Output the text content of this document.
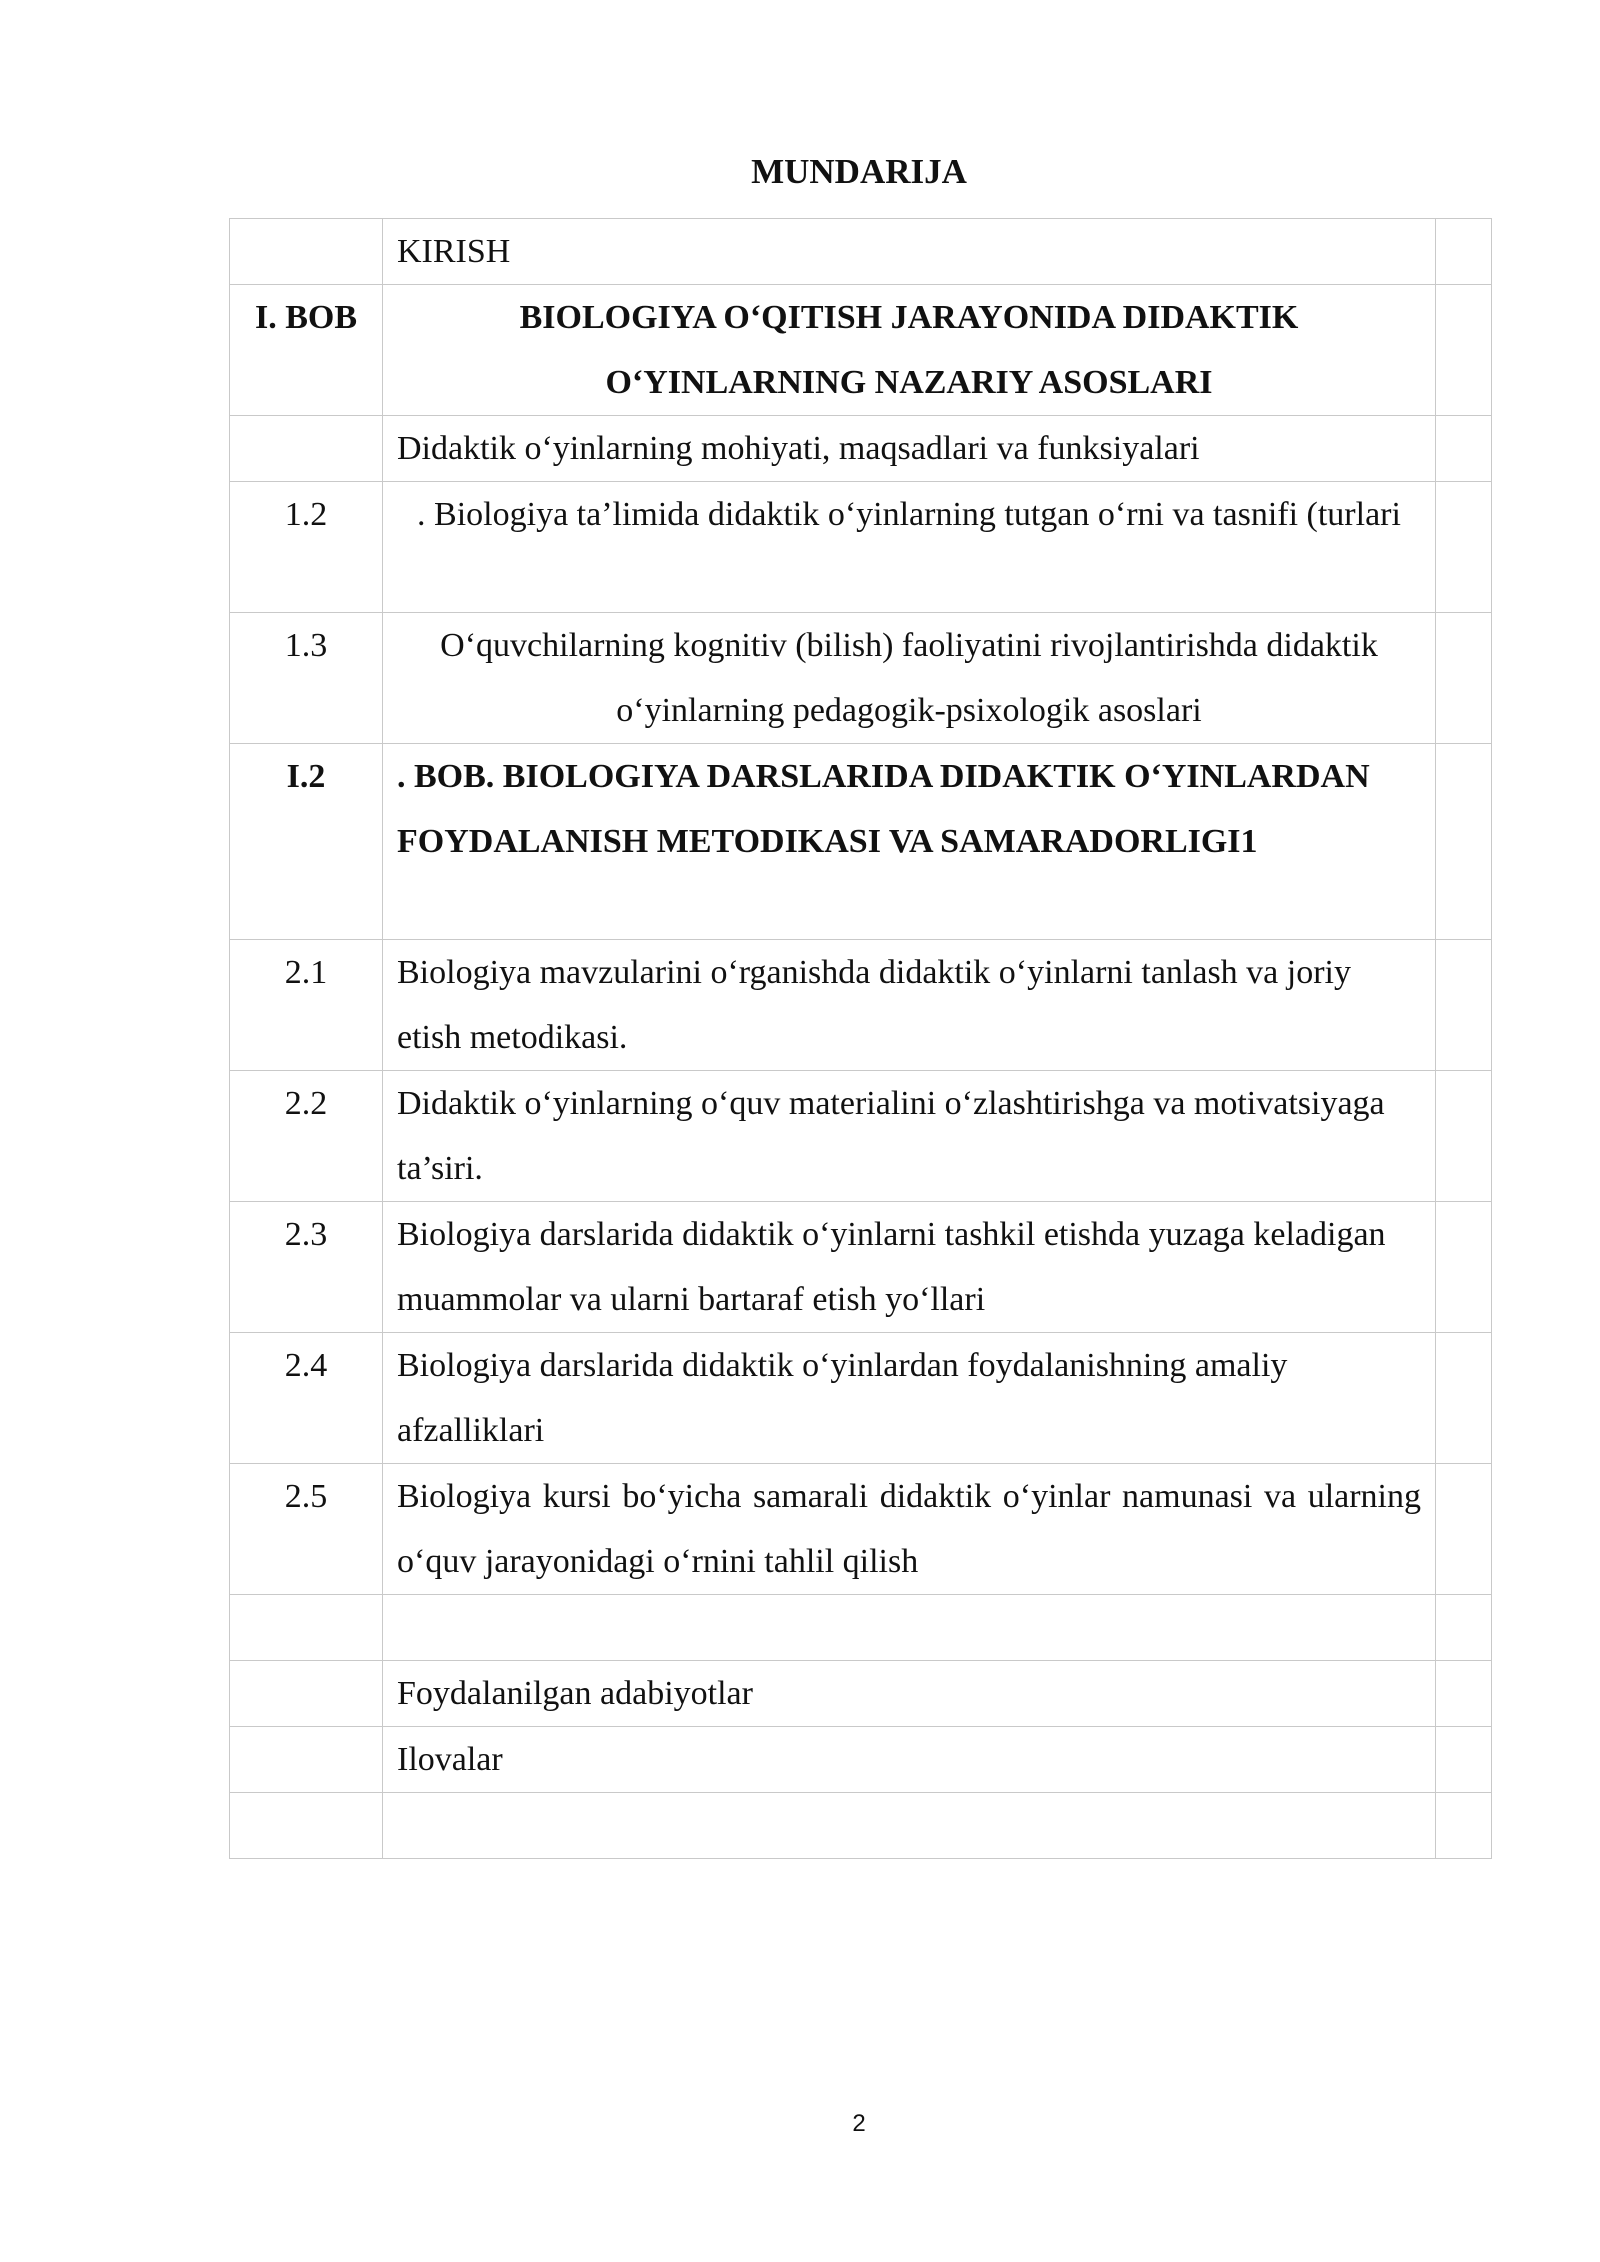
MUNDARIJA
	KIRISH	
I. BOB	BIOLOGIYA O‘QITISH JARAYONIDA DIDAKTIK O‘YINLARNING NAZARIY ASOSLARI	
	Didaktik o‘yinlarning mohiyati, maqsadlari va funksiyalari	
1.2	. Biologiya ta’limida didaktik o‘yinlarning tutgan o‘rni va tasnifi (turlari	
1.3	O‘quvchilarning kognitiv (bilish) faoliyatini rivojlantirishda didaktik o‘yinlarning pedagogik-psixologik asoslari	
I.2	. BOB. BIOLOGIYA DARSLARIDA DIDAKTIK O‘YINLARDAN FOYDALANISH METODIKASI VA SAMARADORLIGI1	
2.1	Biologiya mavzularini o‘rganishda didaktik o‘yinlarni tanlash va joriy etish metodikasi.	
2.2	Didaktik o‘yinlarning o‘quv materialini o‘zlashtirishga va motivatsiyaga ta’siri.	
2.3	Biologiya darslarida didaktik o‘yinlarni tashkil etishda yuzaga keladigan muammolar va ularni bartaraf etish yo‘llari	
2.4	Biologiya darslarida didaktik o‘yinlardan foydalanishning amaliy afzalliklari	
2.5	Biologiya kursi bo‘yicha samarali didaktik o‘yinlar namunasi va ularning o‘quv jarayonidagi o‘rnini tahlil qilish	

	Foydalanilgan adabiyotlar	
	Ilovalar	

2
